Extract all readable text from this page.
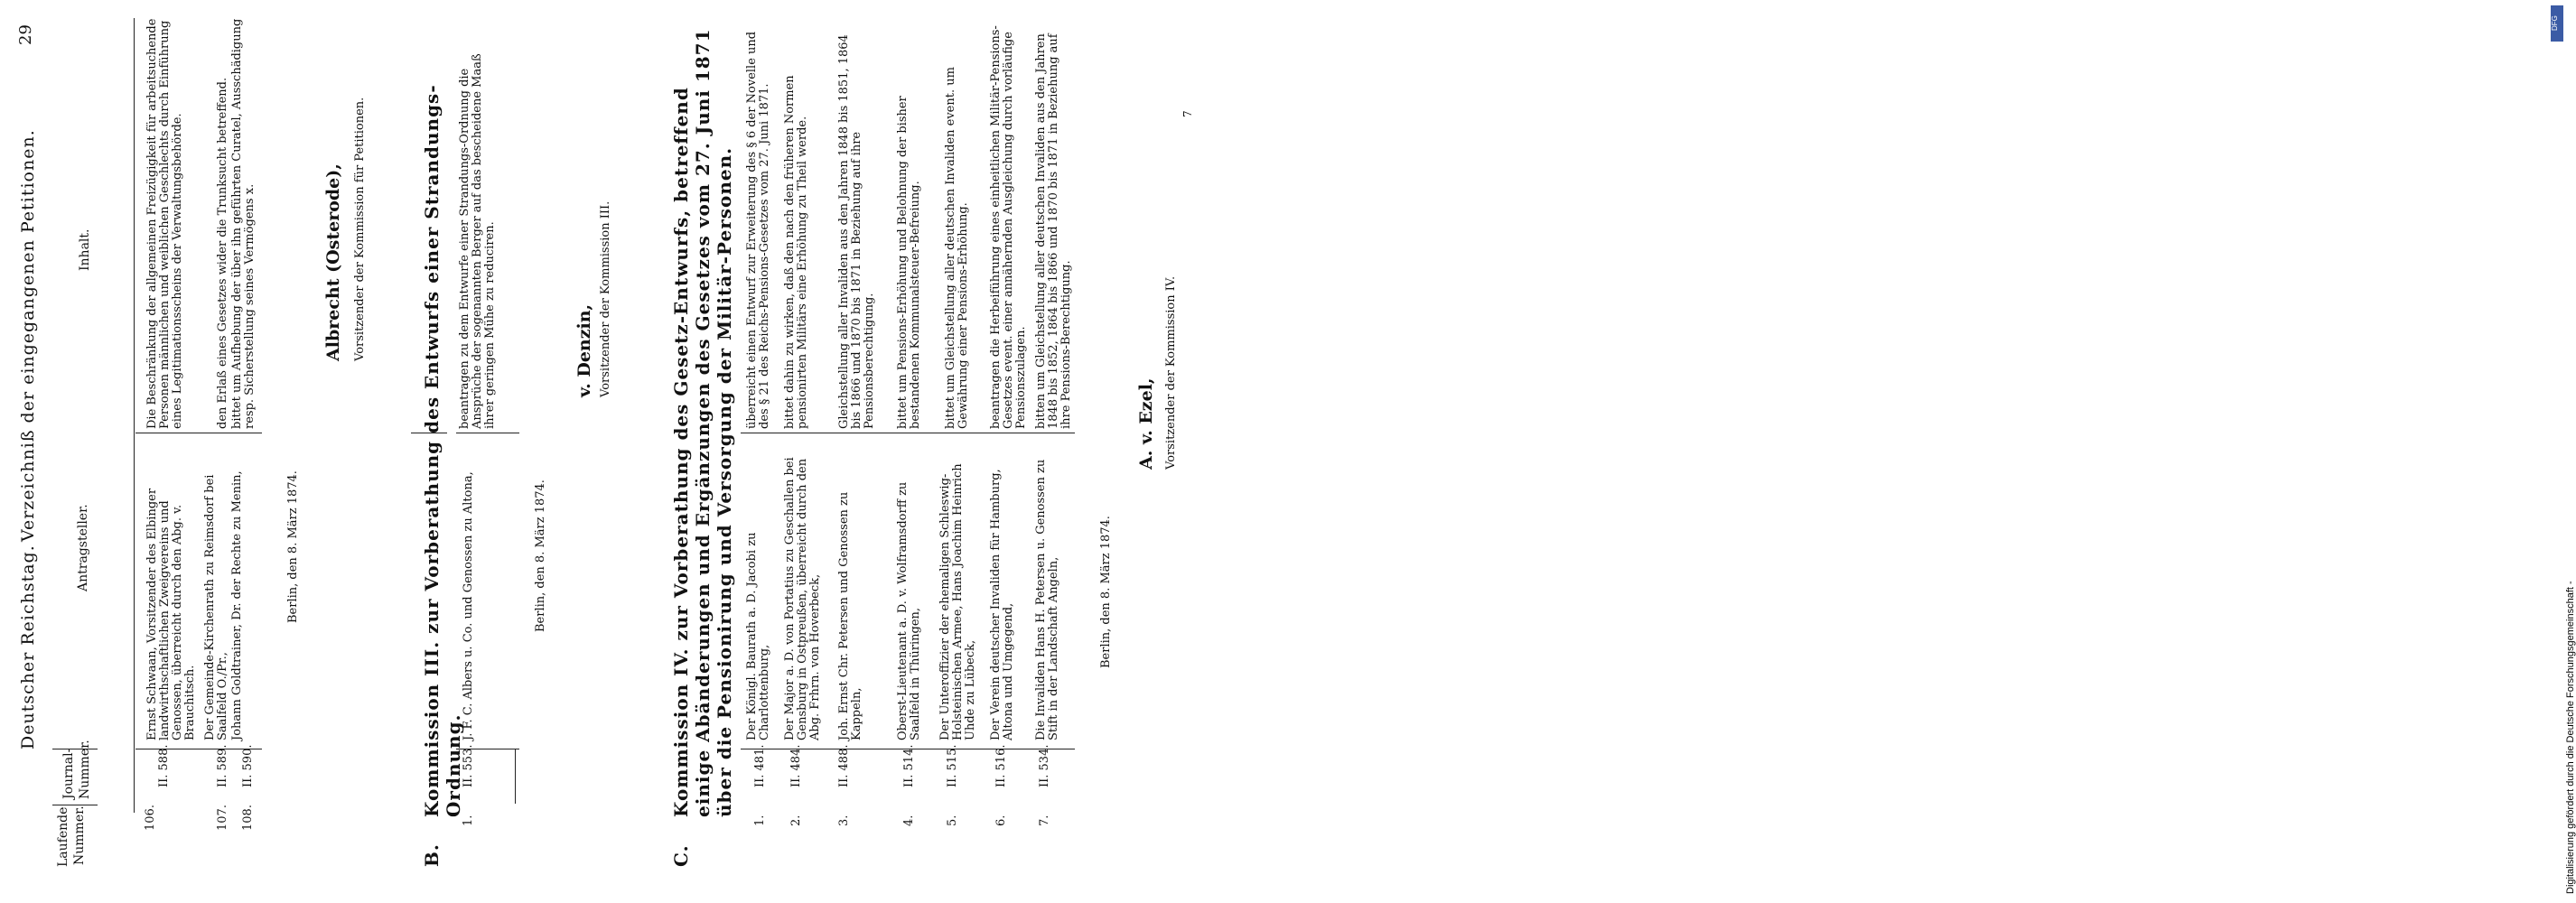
Deutscher Reichstag.
Verzeichniß der eingegangenen Petitionen.
29
Laufende Nummer.
Journal- Nummer.
Antragsteller.
Inhalt.
106.
II. 588.
Ernst Schwaan, Vorsitzender des Elbinger landwirthschaftlichen Zweigvereins und Genossen, überreicht durch den Abg. v. Brauchitsch.
Die Beschränkung der allgemeinen Freizügigkeit für arbeitsuchende Personen männlichen und weiblichen Geschlechts durch Einführung eines Legitimationsscheins der Verwaltungsbehörde.
107.
II. 589.
Der Gemeinde-Kirchenrath zu Reimsdorf bei Saalfeld O./Pr.,
den Erlaß eines Gesetzes wider die Trunksucht betreffend.
108.
II. 590.
Johann Goldtrainer, Dr. der Rechte zu Menin,
bittet um Aufhebung der über ihn geführten Curatel, Ausschädigung resp. Sicherstellung seines Vermögens x.
Berlin, den 8. März 1874.
Albrecht (Osterode), Vorsitzender der Kommission für Petitionen.
B.
Kommission III. zur Vorberathung des Entwurfs einer Strandungs-Ordnung.
1.
II. 553.
J. F. C. Albers u. Co. und Genossen zu Altona,
beantragen zu dem Entwurfe einer Strandungs-Ordnung die Ansprüche der sogenannten Berger auf das bescheidene Maaß ihrer geringen Mühe zu reduciren.
Berlin, den 8. März 1874.
v. Denzin, Vorsitzender der Kommission III.
C.
Kommission IV. zur Vorberathung des Gesetz-Entwurfs, betreffend einige Abänderungen und Ergänzungen des Gesetzes vom 27. Juni 1871 über die Pensionirung und Versorgung der Militär-Personen.
1.
II. 481.
Der Königl. Baurath a. D. Jacobi zu Charlottenburg,
überreicht einen Entwurf zur Erweiterung des § 6 der Novelle und des § 21 des Reichs-Pensions-Gesetzes vom 27. Juni 1871.
2.
II. 484.
Der Major a. D. von Portatius zu Geschallen bei Gensburg in Ostpreußen, überreicht durch den Abg. Frhrn. von Hoverbeck,
bittet dahin zu wirken, daß den nach den früheren Normen pensionirten Militärs eine Erhöhung zu Theil werde.
3.
II. 488.
Joh. Ernst Chr. Petersen und Genossen zu Kappeln,
Gleichstellung aller Invaliden aus den Jahren 1848 bis 1851, 1864 bis 1866 und 1870 bis 1871 in Beziehung auf ihre Pensionsberechtigung.
4.
II. 514.
Oberst-Lieutenant a. D. v. Wolframsdorff zu Saalfeld in Thüringen,
bittet um Pensions-Erhöhung und Belohnung der bisher bestandenen Kommunalsteuer-Befreiung.
5.
II. 515.
Der Unteroffizier der ehemaligen Schleswig-Holsteinischen Armee, Hans Joachim Heinrich Uhde zu Lübeck,
bittet um Gleichstellung aller deutschen Invaliden event. um Gewährung einer Pensions-Erhöhung.
6.
II. 516.
Der Verein deutscher Invaliden für Hamburg, Altona und Umgegend,
beantragen die Herbeiführung eines einheitlichen Militär-Pensions-Gesetzes event. einer annähernden Ausgleichung durch vorläufige Pensionszulagen.
7.
II. 534.
Die Invaliden Hans H. Petersen u. Genossen zu Stift in der Landschaft Angeln,
bitten um Gleichstellung aller deutschen Invaliden aus den Jahren 1848 bis 1852, 1864 bis 1866 und 1870 bis 1871 in Beziehung auf ihre Pensions-Berechtigung.
Berlin, den 8. März 1874.
A. v. Ezel, Vorsitzender der Kommission IV.
7
DFG
Digitalisierung gefördert durch die Deutsche Forschungsgemeinschaft -
